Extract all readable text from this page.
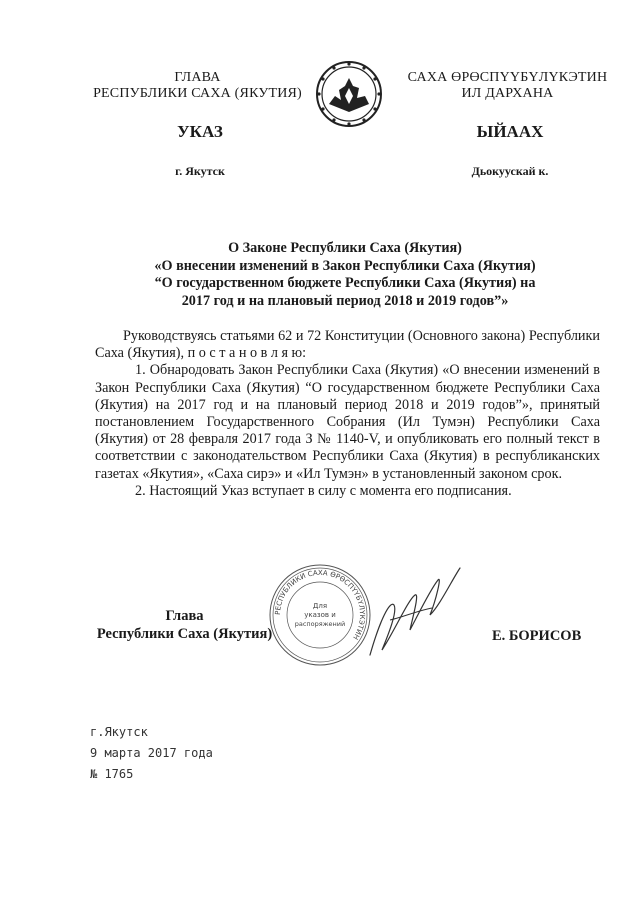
ГЛАВА
РЕСПУБЛИКИ САХА (ЯКУТИЯ)
САХА ӨРӨСПҮҮБҮЛҮКЭТИН
ИЛ ДАРХАНА
УКАЗ	ЫЙААХ
г. Якутск	Дьокуускай к.
О Законе Республики Саха (Якутия)
«О внесении изменений в Закон Республики Саха (Якутия)
“О государственном бюджете Республики Саха (Якутия) на
2017 год и на плановый период 2018 и 2019 годов”»

Руководствуясь статьями 62 и 72 Конституции (Основного закона) Республики Саха (Якутия), п о с т а н о в л я ю:

1. Обнародовать Закон Республики Саха (Якутия) «О внесении изменений в Закон Республики Саха (Якутия) “О государственном бюджете Республики Саха (Якутия) на 2017 год и на плановый период 2018 и 2019 годов”», принятый постановлением Государственного Собрания (Ил Тумэн) Республики Саха (Якутия) от 28 февраля 2017 года З № 1140-V, и опубликовать его полный текст в соответствии с законодательством Республики Саха (Якутия) в республиканских газетах «Якутия», «Саха сирэ» и «Ил Тумэн» в установленный законом срок.

2. Настоящий Указ вступает в силу с момента его подписания.

Глава
Республики Саха (Якутия)
РЕСПУБЛИКИ САХА ӨРӨСПҮҮБҮЛҮКЭТИН
Для
указов и
распоряжений
Е. БОРИСОВ
г.Якутск
9 марта 2017 года
№ 1765
